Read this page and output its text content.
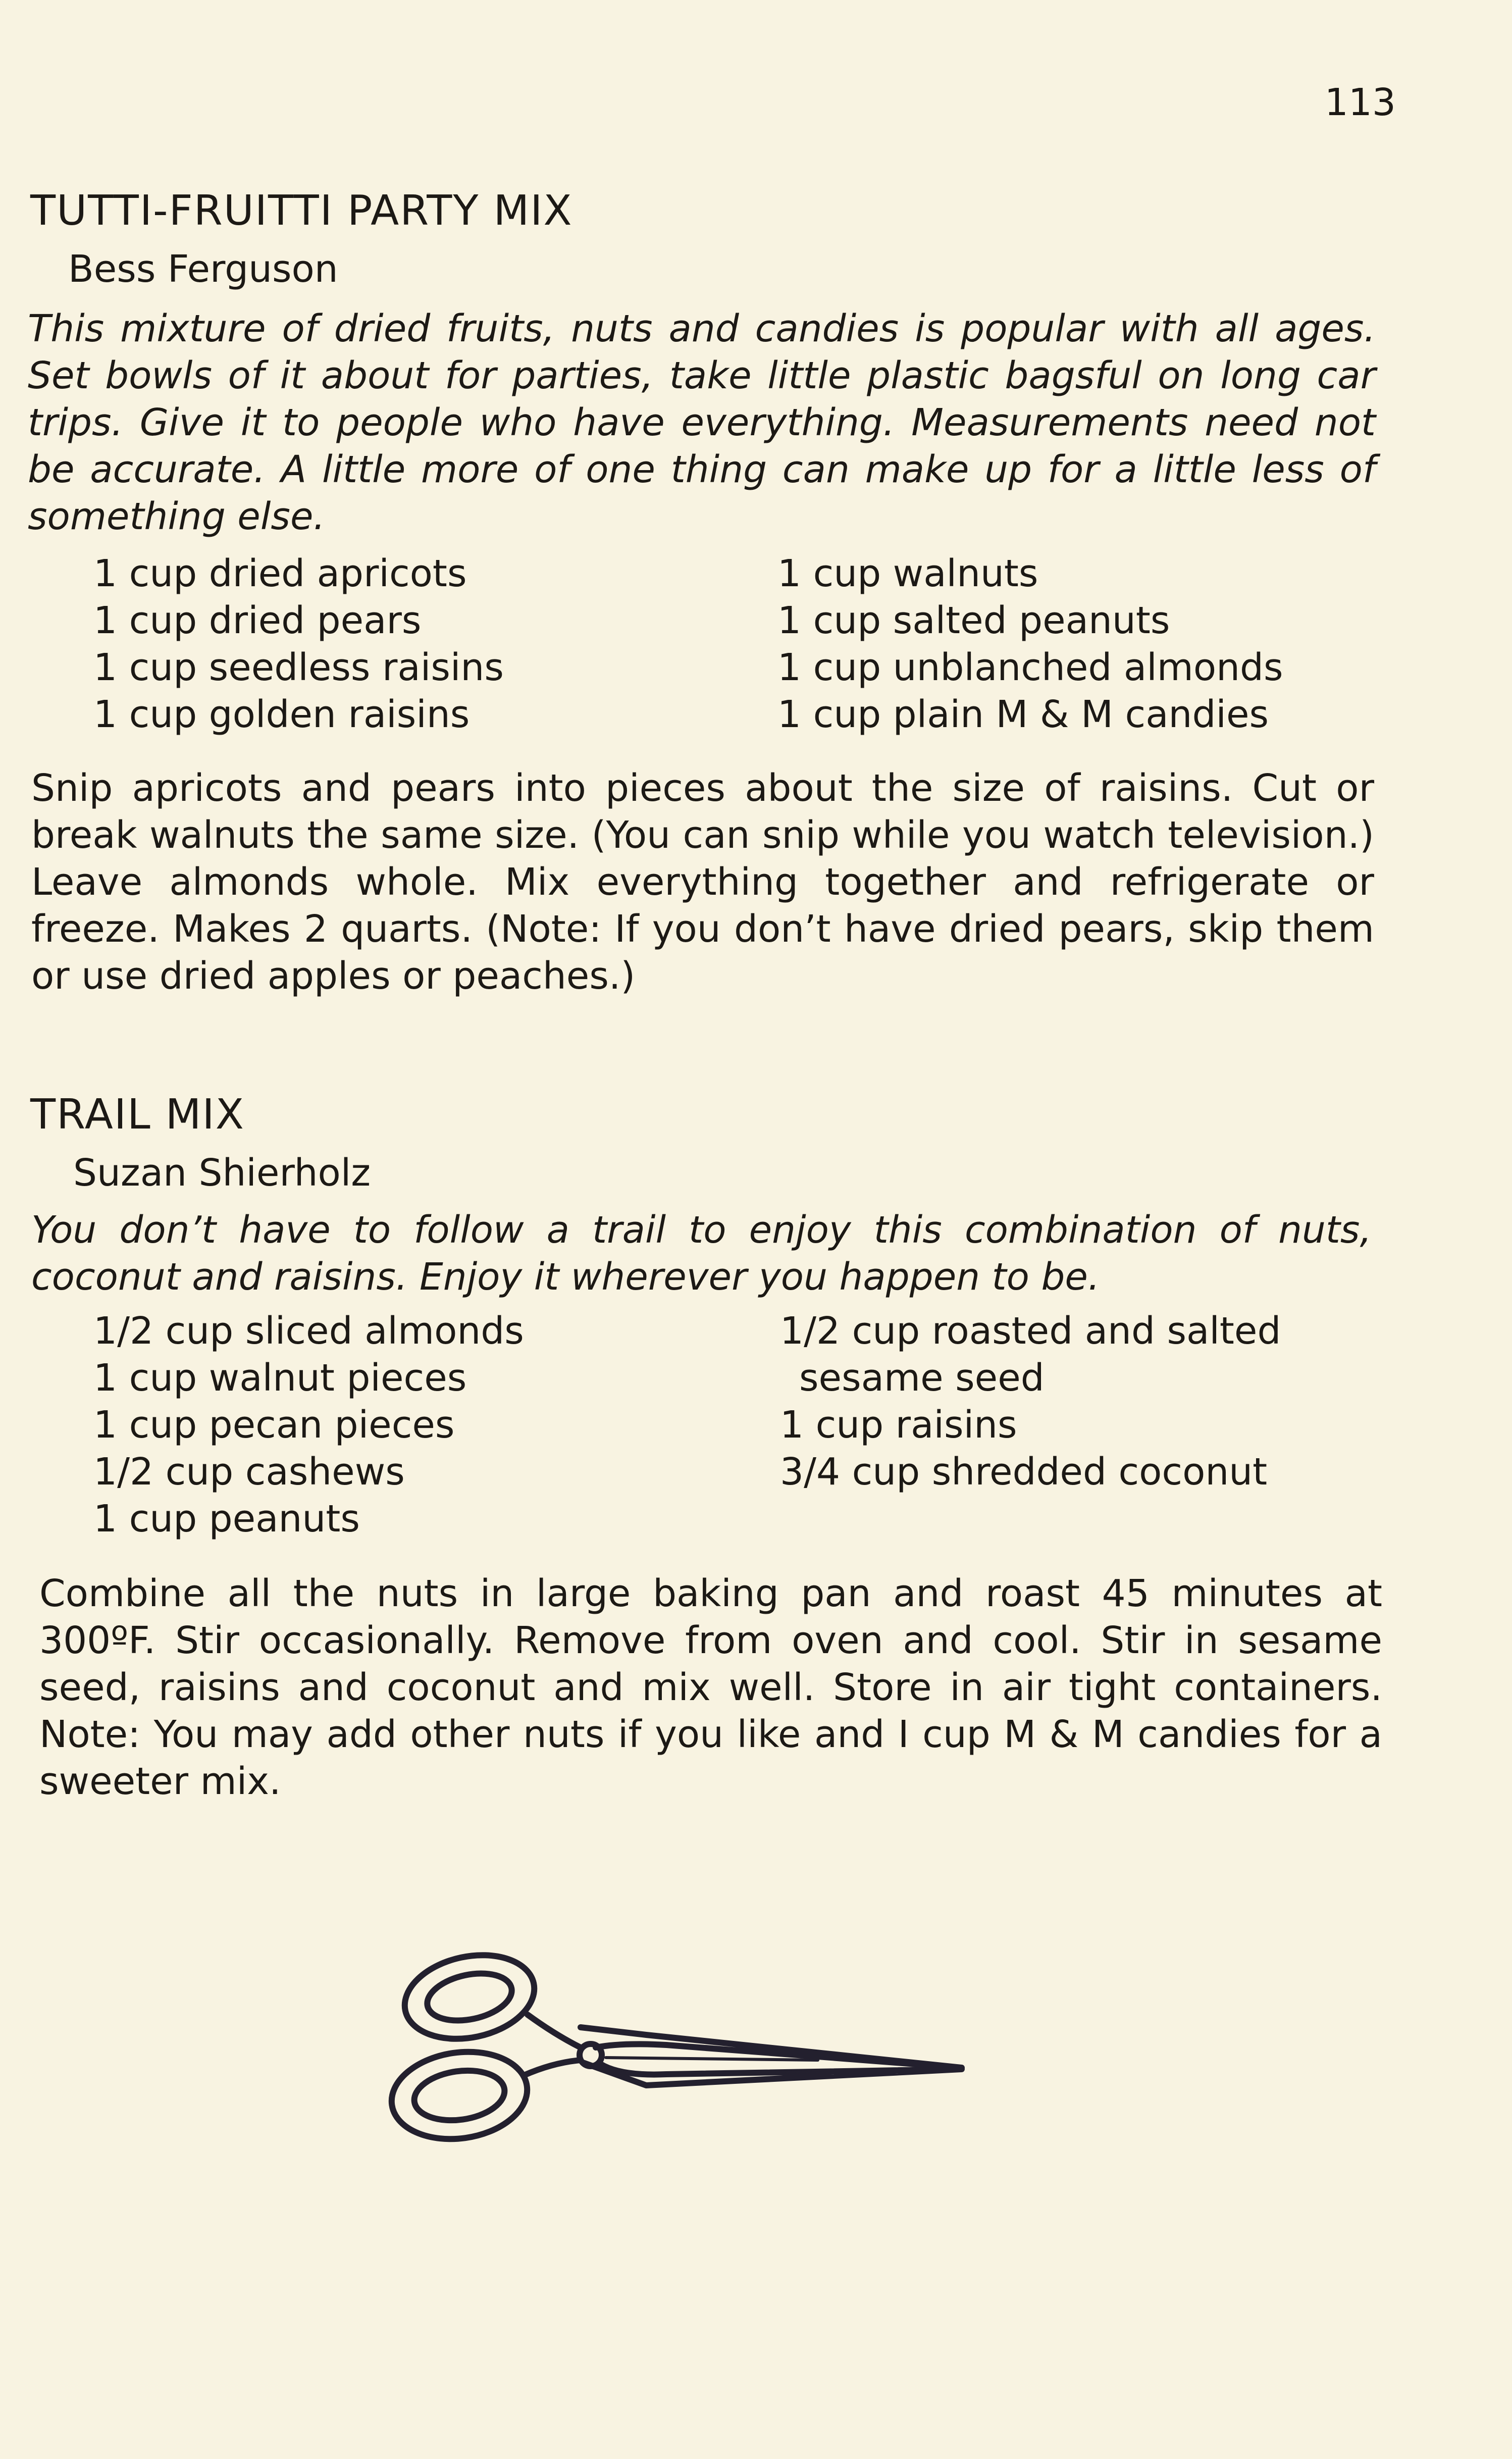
113
TUTTI-FRUITTI PARTY MIX
Bess Ferguson

This mixture of dried fruits, nuts and candies is popular with all ages. Set bowls of it about for parties, take little plastic bagsful on long car trips. Give it to people who have everything. Measurements need not be accurate. A little more of one thing can make up for a little less of something else.

1 cup dried apricots
1 cup dried pears
1 cup seedless raisins
1 cup golden raisins
1 cup walnuts
1 cup salted peanuts
1 cup unblanched almonds
1 cup plain M & M candies

Snip apricots and pears into pieces about the size of raisins. Cut or break walnuts the same size. (You can snip while you watch television.) Leave almonds whole. Mix everything together and refrigerate or freeze. Makes 2 quarts. (Note: If you don’t have dried pears, skip them or use dried apples or peaches.)

TRAIL MIX
Suzan Shierholz

You don’t have to follow a trail to enjoy this combination of nuts, coconut and raisins. Enjoy it wherever you happen to be.

1/2 cup sliced almonds
1 cup walnut pieces
1 cup pecan pieces
1/2 cup cashews
1 cup peanuts
1/2 cup roasted and salted
sesame seed
1 cup raisins
3/4 cup shredded coconut

Combine all the nuts in large baking pan and roast 45 minutes at 300ºF. Stir occasionally. Remove from oven and cool. Stir in sesame seed, raisins and coconut and mix well. Store in air tight containers. Note: You may add other nuts if you like and I cup M & M candies for a sweeter mix.
